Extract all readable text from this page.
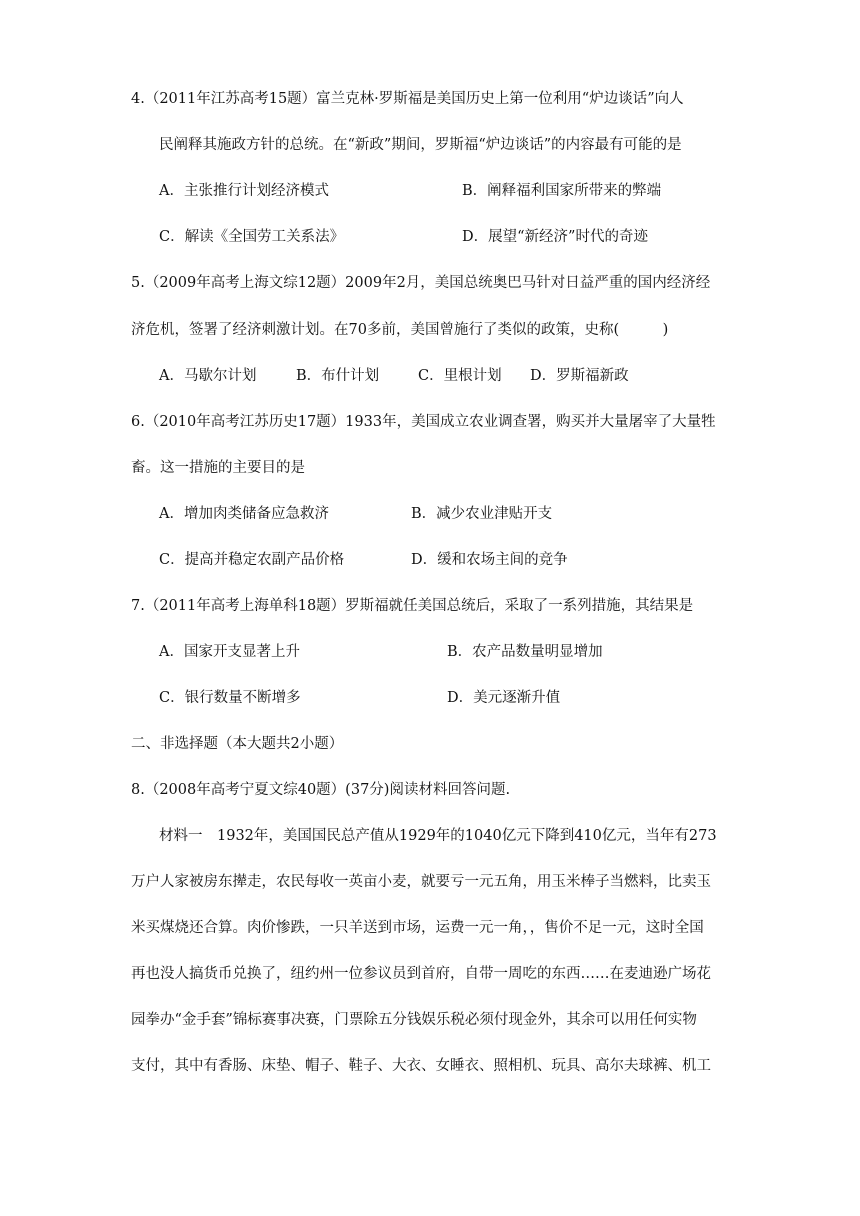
4.（2011年江苏高考15题）富兰克林·罗斯福是美国历史上第一位利用“炉边谈话”向人
民阐释其施政方针的总统。在“新政”期间，罗斯福“炉边谈话”的内容最有可能的是
A．主张推行计划经济模式	B．阐释福利国家所带来的弊端
C．解读《全国劳工关系法》	D．展望“新经济”时代的奇迹
5.（2009年高考上海文综12题）2009年2月，美国总统奥巴马针对日益严重的国内经济经
济危机，签署了经济刺激计划。在70多前，美国曾施行了类似的政策，史称(　　　)
A．马歇尔计划	B．布什计划	C．里根计划 D．罗斯福新政
6.（2010年高考江苏历史17题）1933年，美国成立农业调查署，购买并大量屠宰了大量牲
畜。这一措施的主要目的是
A．增加肉类储备应急救济	B．减少农业津贴开支
C．提高并稳定农副产品价格	D．缓和农场主间的竞争
7.（2011年高考上海单科18题）罗斯福就任美国总统后，采取了一系列措施，其结果是
A．国家开支显著上升	B．农产品数量明显增加
C．银行数量不断增多	D．美元逐渐升值
二、非选择题（本大题共2小题）
8.（2008年高考宁夏文综40题）(37分)阅读材料回答问题.
材料一　1932年，美国国民总产值从1929年的1040亿元下降到410亿元，当年有273
万户人家被房东撵走，农民每收一英亩小麦，就要亏一元五角，用玉米棒子当燃料，比卖玉
米买煤烧还合算。肉价惨跌，一只羊送到市场，运费一元一角，，售价不足一元，这时全国
再也没人搞货币兑换了，纽约州一位参议员到首府，自带一周吃的东西……在麦迪逊广场花
园拳办“金手套”锦标赛事决赛，门票除五分钱娱乐税必须付现金外，其余可以用任何实物
支付，其中有香肠、床垫、帽子、鞋子、大衣、女睡衣、照相机、玩具、高尔夫球裤、机工
